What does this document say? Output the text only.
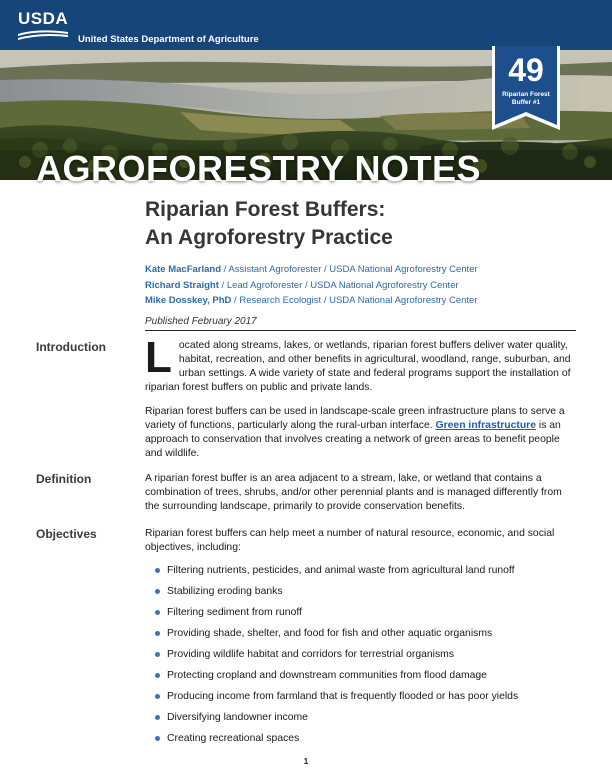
USDA
United States Department of Agriculture
AGROFORESTRY NOTES
49
Riparian Forest
Buffer #1
Riparian Forest Buffers:
An Agroforestry Practice
Kate MacFarland / Assistant Agroforester / USDA National Agroforestry Center
Richard Straight / Lead Agroforester / USDA National Agroforestry Center
Mike Dosskey, PhD / Research Ecologist / USDA National Agroforestry Center
Published February 2017
Introduction Located along streams, lakes, or wetlands, riparian forest buffers deliver water quality, habitat, recreation, and other benefits in agricultural, woodland, range, suburban, and urban settings. A wide variety of state and federal programs support the installation of riparian forest buffers on public and private lands.

Riparian forest buffers can be used in landscape-scale green infrastructure plans to serve a variety of functions, particularly along the rural-urban interface. Green infrastructure is an approach to conservation that involves creating a network of green areas to benefit people and wildlife.

Definition	A riparian forest buffer is an area adjacent to a stream, lake, or wetland that contains a combination of trees, shrubs, and/or other perennial plants and is managed differently from the surrounding landscape, primarily to provide conservation benefits.

Objectives	Riparian forest buffers can help meet a number of natural resource, economic, and social objectives, including:

Filtering nutrients, pesticides, and animal waste from agricultural land runoff
Stabilizing eroding banks
Filtering sediment from runoff
Providing shade, shelter, and food for fish and other aquatic organisms
Providing wildlife habitat and corridors for terrestrial organisms
Protecting cropland and downstream communities from flood damage
Producing income from farmland that is frequently flooded or has poor yields
Diversifying landowner income
Creating recreational spaces
1
